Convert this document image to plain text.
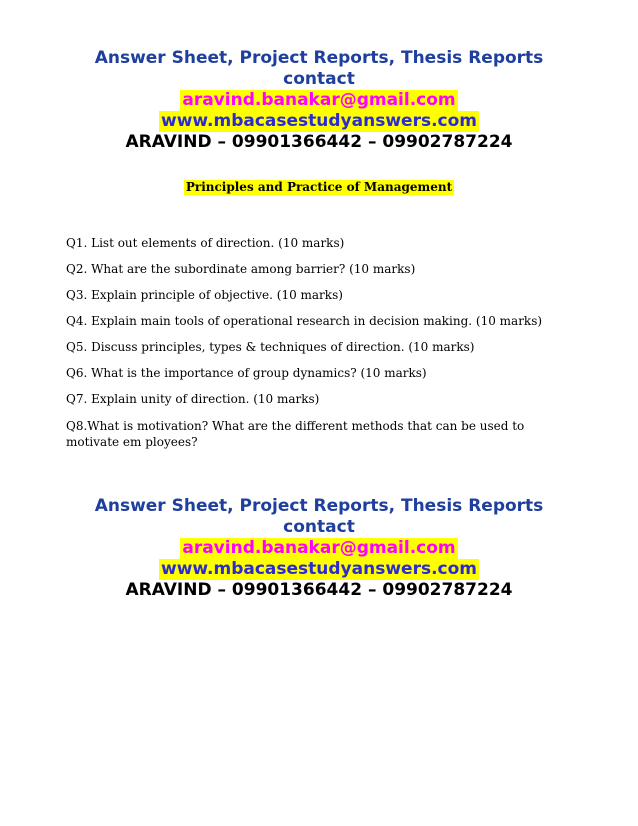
Answer Sheet, Project Reports, Thesis Reports
contact
aravind.banakar@gmail.com
www.mbacasestudyanswers.com
ARAVIND – 09901366442 – 09902787224
Principles and Practice of Management
Q1. List out elements of direction. (10 marks)
Q2. What are the subordinate among barrier? (10 marks)
Q3. Explain principle of objective. (10 marks)
Q4. Explain main tools of operational research in decision making. (10 marks)
Q5. Discuss principles, types & techniques of direction. (10 marks)
Q6. What is the importance of group dynamics? (10 marks)
Q7. Explain unity of direction. (10 marks)
Q8.What is motivation? What are the different methods that can be used to motivate em ployees?
Answer Sheet, Project Reports, Thesis Reports
contact
aravind.banakar@gmail.com
www.mbacasestudyanswers.com
ARAVIND – 09901366442 – 09902787224
